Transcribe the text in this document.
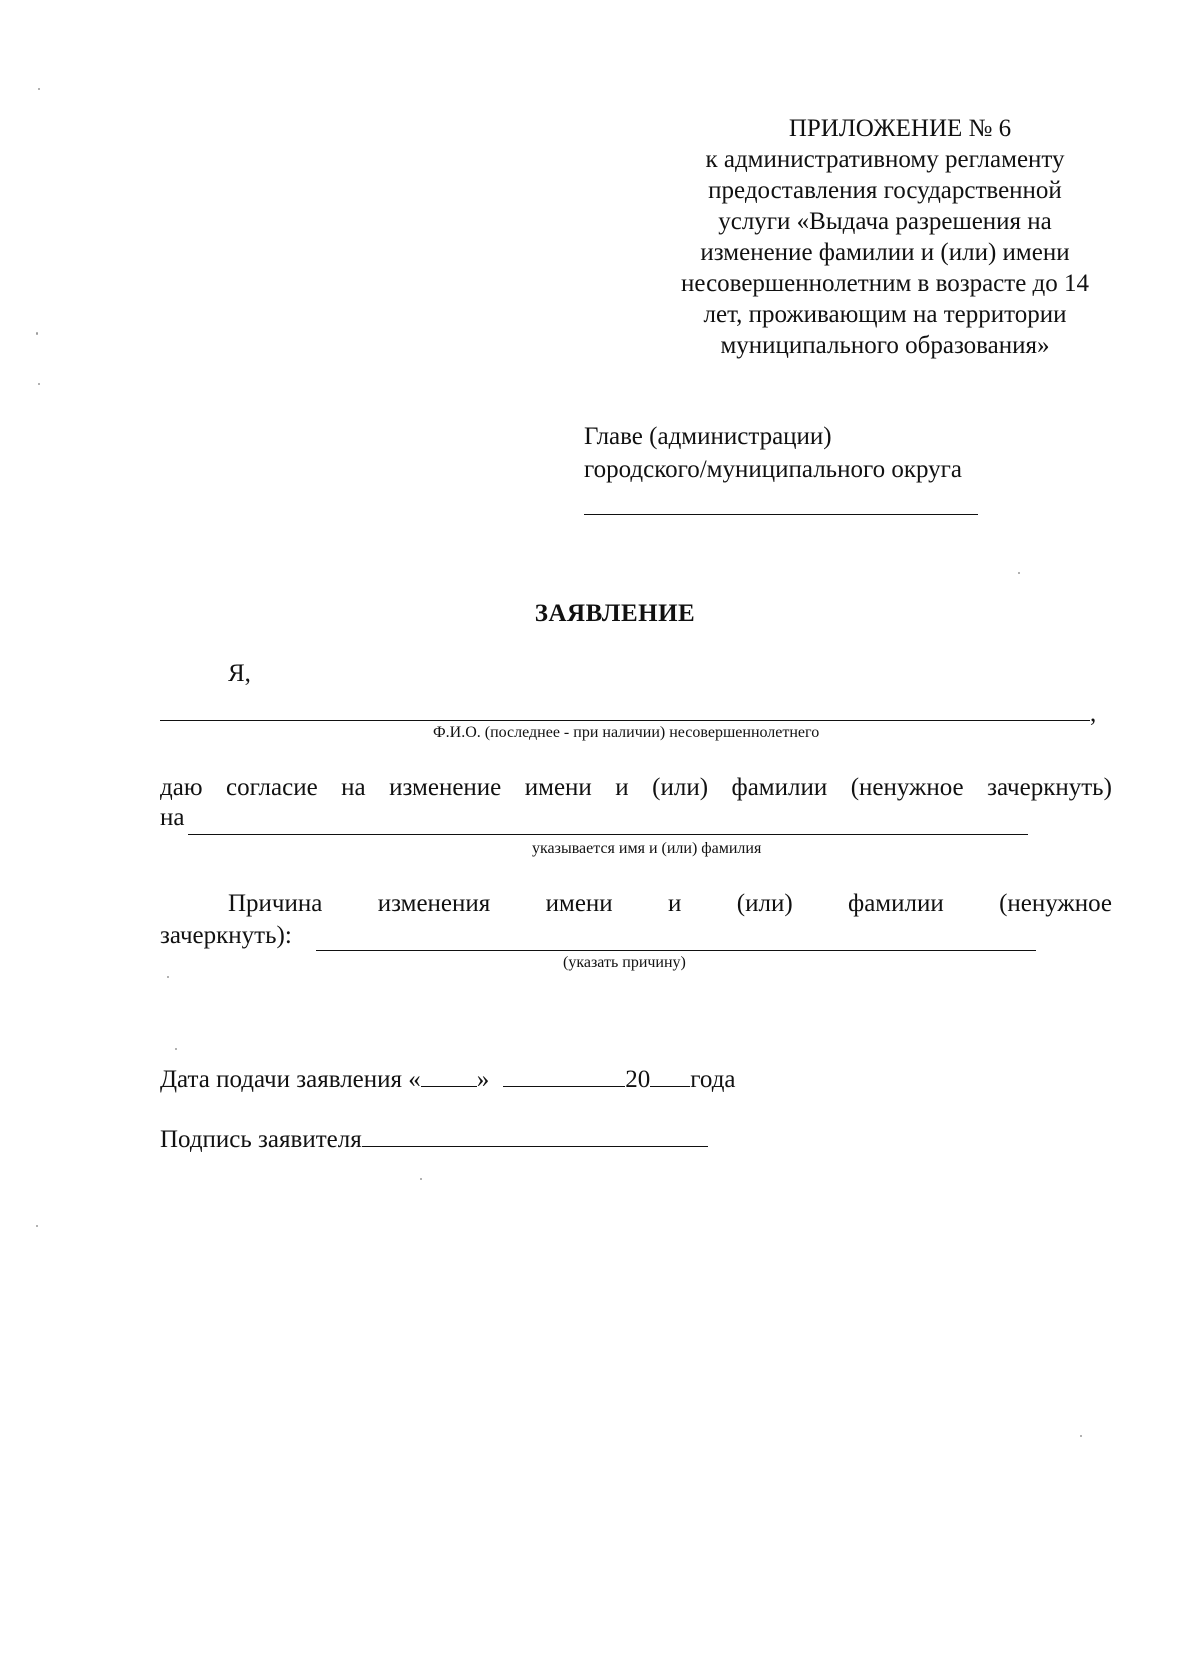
ПРИЛОЖЕНИЕ № 6
к административному регламенту
предоставления государственной
услуги «Выдача разрешения на
изменение фамилии и (или) имени
несовершеннолетним в возрасте до 14
лет, проживающим на территории
муниципального образования»
Главе (администрации)
городского/муниципального округа
ЗАЯВЛЕНИЕ
Я,
,
Ф.И.О. (последнее - при наличии) несовершеннолетнего
даю согласие на изменение имени и (или) фамилии (ненужное зачеркнуть)
на
указывается имя и (или) фамилия
Причина изменения имени и (или) фамилии (ненужное
зачеркнуть):
(указать причину)
Дата подачи заявления « »	20 года
Подпись заявителя
